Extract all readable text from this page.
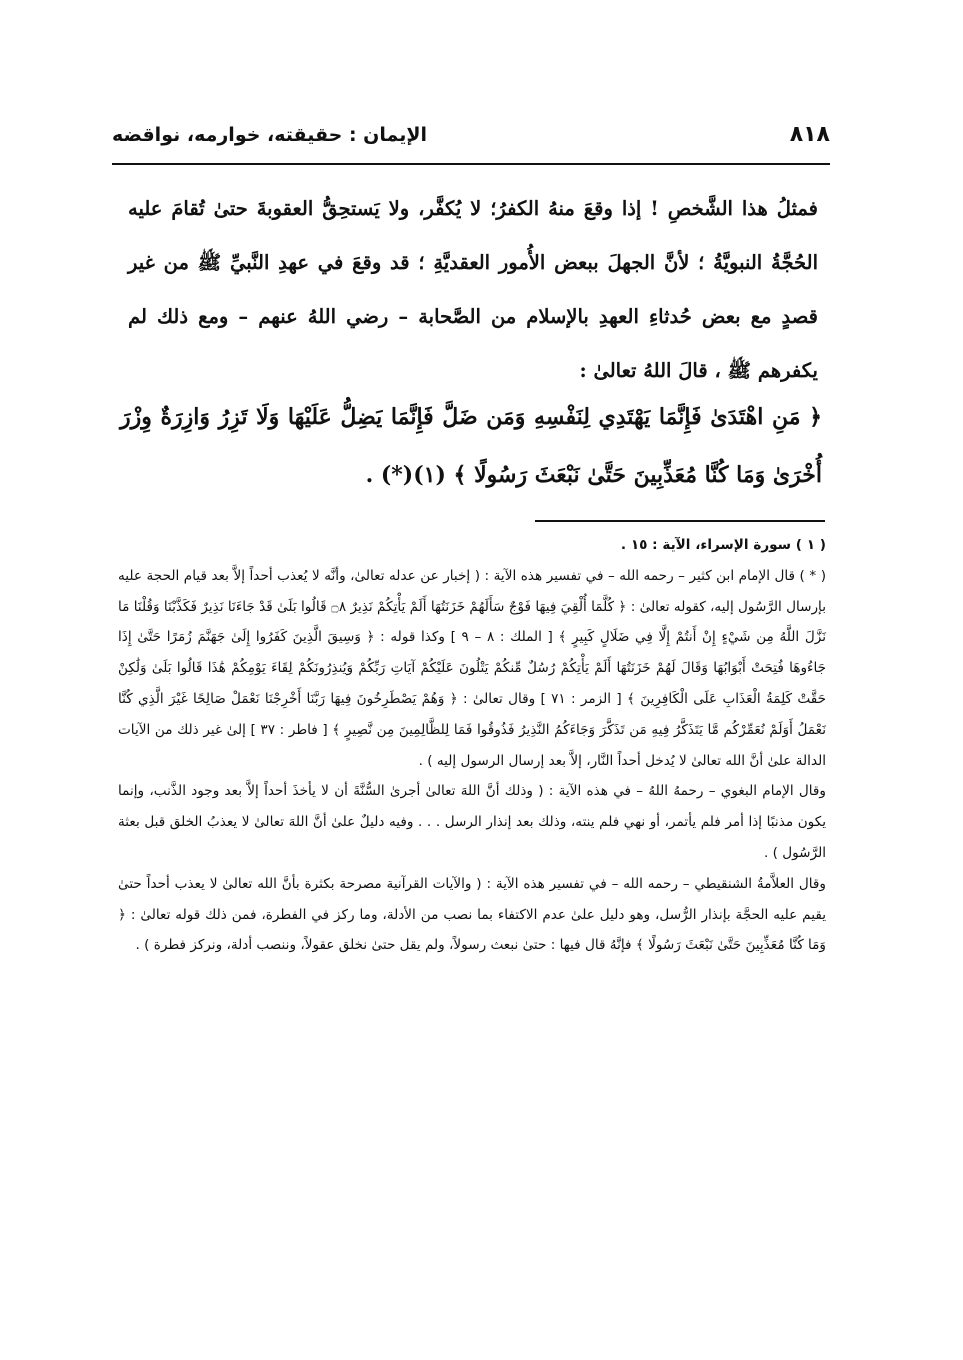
٨١٨
الإيمان : حقيقته، خوارمه، نواقضه

فمثلُ هذا الشَّخصِ ! إذا وقعَ منهُ الكفرُ؛ لا يُكفَّر، ولا يَستحِقُّ العقوبةَ حتىٰ تُقامَ عليه الحُجَّةُ النبويَّةُ ؛ لأنَّ الجهلَ ببعض الأُمور العقديَّةِ ؛ قد وقعَ في عهدِ النَّبيِّ ﷺ من غير قصدٍ مع بعض حُدثاءِ العهدِ بالإسلام من الصَّحابة – رضي اللهُ عنهم – ومع ذلك لم يكفرهم ﷺ ، قالَ اللهُ تعالىٰ :

﴿ مَنِ اهْتَدَىٰ فَإِنَّمَا يَهْتَدِي لِنَفْسِهِ وَمَن ضَلَّ فَإِنَّمَا يَضِلُّ عَلَيْهَا وَلَا تَزِرُ وَازِرَةٌ وِزْرَ أُخْرَىٰ وَمَا كُنَّا مُعَذِّبِينَ حَتَّىٰ نَبْعَثَ رَسُولًا ﴾ (١)(*) .

( ١ ) سورة الإسراء، الآية : ١٥ .
( * ) قال الإمام ابن كثير – رحمه الله – في تفسير هذه الآية : ( إخبار عن عدله تعالىٰ، وأنَّه لا يُعذب أحداً إلاَّ بعد قيام الحجة عليه بإرسال الرَّسُول إليه، كقوله تعالىٰ : ﴿ كُلَّمَا أُلْقِيَ فِيهَا فَوْجٌ سَأَلَهُمْ خَزَنَتُهَا أَلَمْ يَأْتِكُمْ نَذِيرٌ ۝٨ قَالُوا بَلَىٰ قَدْ جَاءَنَا نَذِيرٌ فَكَذَّبْنَا وَقُلْنَا مَا نَزَّلَ اللَّهُ مِن شَيْءٍ إِنْ أَنتُمْ إِلَّا فِي ضَلَالٍ كَبِيرٍ ﴾ [ الملك : ٨ – ٩ ] وكذا قوله : ﴿ وَسِيقَ الَّذِينَ كَفَرُوا إِلَىٰ جَهَنَّمَ زُمَرًا حَتَّىٰ إِذَا جَاءُوهَا فُتِحَتْ أَبْوَابُهَا وَقَالَ لَهُمْ خَزَنَتُهَا أَلَمْ يَأْتِكُمْ رُسُلٌ مِّنكُمْ يَتْلُونَ عَلَيْكُمْ آيَاتِ رَبِّكُمْ وَيُنذِرُونَكُمْ لِقَاءَ يَوْمِكُمْ هَٰذَا قَالُوا بَلَىٰ وَلَٰكِنْ حَقَّتْ كَلِمَةُ الْعَذَابِ عَلَى الْكَافِرِينَ ﴾ [ الزمر : ٧١ ] وقال تعالىٰ : ﴿ وَهُمْ يَصْطَرِخُونَ فِيهَا رَبَّنَا أَخْرِجْنَا نَعْمَلْ صَالِحًا غَيْرَ الَّذِي كُنَّا نَعْمَلُ أَوَلَمْ نُعَمِّرْكُم مَّا يَتَذَكَّرُ فِيهِ مَن تَذَكَّرَ وَجَاءَكُمُ النَّذِيرُ فَذُوقُوا فَمَا لِلظَّالِمِينَ مِن نَّصِيرٍ ﴾ [ فاطر : ٣٧ ] إلىٰ غير ذلك من الآيات الدالة علىٰ أنَّ الله تعالىٰ لا يُدخل أحداً النَّار، إلاَّ بعد إرسال الرسول إليه ) .
وقال الإمام البغوي – رحمهُ اللهُ – في هذه الآية : ( وذلك أنَّ اللهَ تعالىٰ أجرىٰ السُّنَّةَ أن لا يأخذَ أحداً إلاَّ بعد وجود الذَّنب، وإنما يكون مذنبًا إذا أمر فلم يأتمر، أو نهي فلم ينته، وذلك بعد إنذار الرسل . . . وفيه دليلٌ علىٰ أنَّ اللهَ تعالىٰ لا يعذبُ الخلق قبل بعثة الرَّسُول ) .
وقال العلاَّمةُ الشنقيطي – رحمه الله – في تفسير هذه الآية : ( والآيات القرآنية مصرحة بكثرة بأنَّ الله تعالىٰ لا يعذب أحداً حتىٰ يقيم عليه الحجَّة بإنذار الرُّسل، وهو دليل علىٰ عدم الاكتفاء بما نصب من الأدلة، وما ركز في الفطرة، فمن ذلك قوله تعالىٰ : ﴿ وَمَا كُنَّا مُعَذِّبِينَ حَتَّىٰ نَبْعَثَ رَسُولًا ﴾ فإنَّهُ قال فيها : حتىٰ نبعث رسولاً، ولم يقل حتىٰ نخلق عقولاً، وننصب أدلة، ونركز فطرة ) .
